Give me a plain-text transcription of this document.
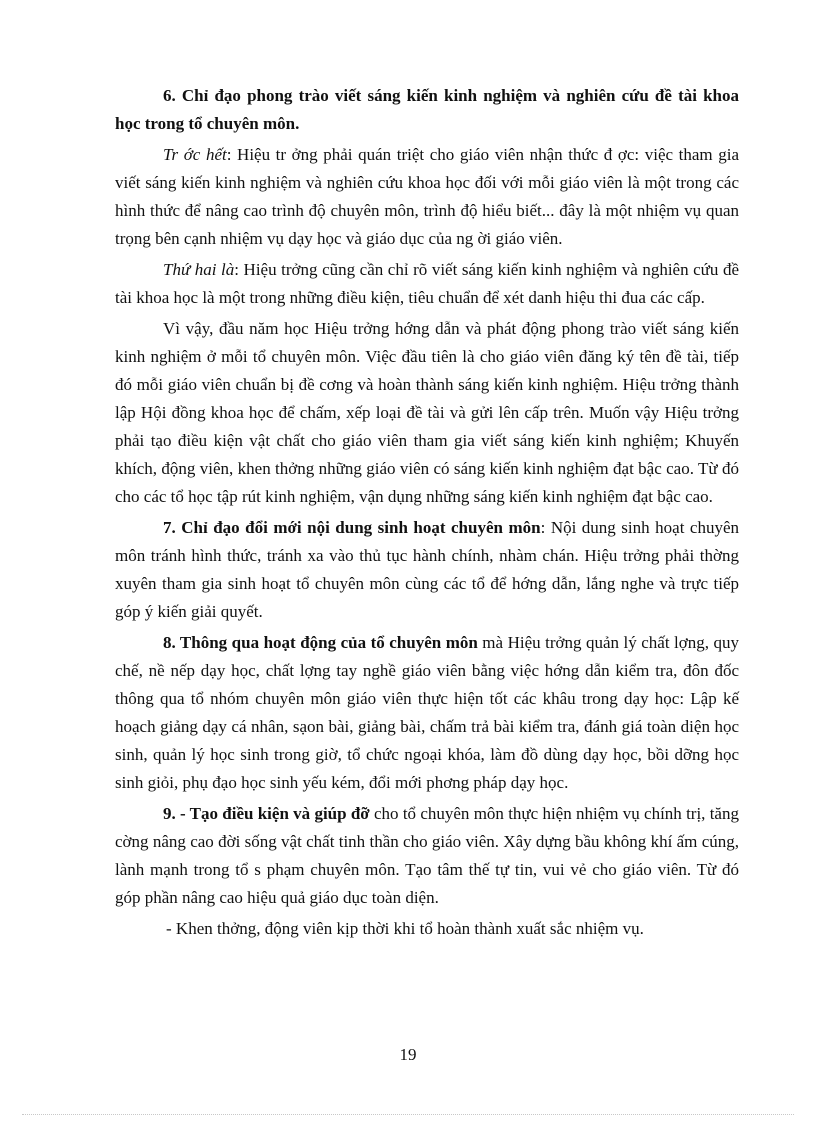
6. Chỉ đạo phong trào viết sáng kiến kinh nghiệm và nghiên cứu đề tài khoa học trong tổ chuyên môn.

Tr ớc hết: Hiệu tr ởng phải quán triệt cho giáo viên nhận thức đ ợc: việc tham gia viết sáng kiến kinh nghiệm và nghiên cứu khoa học đối với mỗi giáo viên là một trong các hình thức để nâng cao trình độ chuyên môn, trình độ hiểu biết... đây là một nhiệm vụ quan trọng bên cạnh nhiệm vụ dạy học và giáo dục của ng ời giáo viên.

Thứ hai là: Hiệu trởng cũng cần chỉ rõ viết sáng kiến kinh nghiệm và nghiên cứu đề tài khoa học là một trong những điều kiện, tiêu chuẩn để xét danh hiệu thi đua các cấp.

Vì vậy, đầu năm học Hiệu trởng hớng dẫn và phát động phong trào viết sáng kiến kinh nghiệm ở mỗi tổ chuyên môn. Việc đầu tiên là cho giáo viên đăng ký tên đề tài, tiếp đó mỗi giáo viên chuẩn bị đề cơng và hoàn thành sáng kiến kinh nghiệm. Hiệu trởng thành lập Hội đồng khoa học để chấm, xếp loại đề tài và gửi lên cấp trên. Muốn vậy Hiệu trởng phải tạo điều kiện vật chất cho giáo viên tham gia viết sáng kiến kinh nghiệm; Khuyến khích, động viên, khen thởng những giáo viên có sáng kiến kinh nghiệm đạt bậc cao. Từ đó cho các tổ học tập rút kinh nghiệm, vận dụng những sáng kiến kinh nghiệm đạt bậc cao.

7. Chỉ đạo đổi mới nội dung sinh hoạt chuyên môn: Nội dung sinh hoạt chuyên môn tránh hình thức, tránh xa vào thủ tục hành chính, nhàm chán. Hiệu trởng phải thờng xuyên tham gia sinh hoạt tổ chuyên môn cùng các tổ để hớng dẫn, lắng nghe và trực tiếp góp ý kiến giải quyết.

8. Thông qua hoạt động của tổ chuyên môn mà Hiệu trởng quản lý chất lợng, quy chế, nề nếp dạy học, chất lợng tay nghề giáo viên bằng việc hớng dẫn kiểm tra, đôn đốc thông qua tổ nhóm chuyên môn giáo viên thực hiện tốt các khâu trong dạy học: Lập kế hoạch giảng dạy cá nhân, sạon bài, giảng bài, chấm trả bài kiểm tra, đánh giá toàn diện học sinh, quản lý học sinh trong giờ, tổ chức ngoại khóa, làm đồ dùng dạy học, bồi dỡng học sinh giỏi, phụ đạo học sinh yếu kém, đổi mới phơng pháp dạy học.

9. - Tạo điều kiện và giúp đỡ cho tổ chuyên môn thực hiện nhiệm vụ chính trị, tăng cờng nâng cao đời sống vật chất tinh thần cho giáo viên. Xây dựng bầu không khí ấm cúng, lành mạnh trong tổ s phạm chuyên môn. Tạo tâm thế tự tin, vui vẻ cho giáo viên. Từ đó góp phần nâng cao hiệu quả giáo dục toàn diện.

- Khen thởng, động viên kịp thời khi tổ hoàn thành xuất sắc nhiệm vụ.

19
